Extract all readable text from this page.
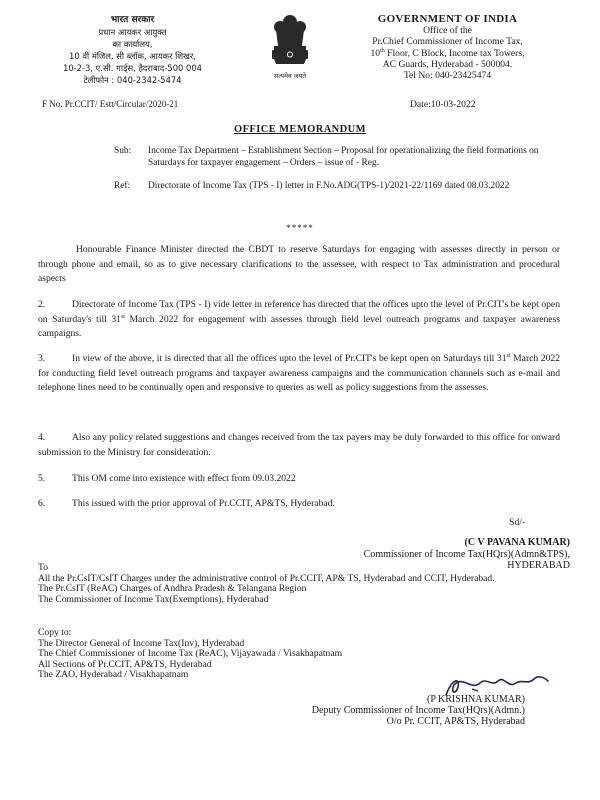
भारत सरकार
प्रधान आयकर आयुक्त
का कार्यालय,
10 वीं मंजिल, सी ब्लॉक, आयकर शिखर,
10-2-3, ए.सी. गार्ड्स, हैदराबाद-500 004
टेलीफोन : 040-2342-5474	सत्यमेव जयते
GOVERNMENT OF INDIA
Office of the
Pr.Chief Commissioner of Income Tax,
10th Floor, C Block, Income tax Towers,
AC Guards, Hyderabad - 500004.
Tel No: 040-23425474
F No. Pr.CCIT/ Estt/Circular/2020-21	Date:10-03-2022
OFFICE MEMORANDUM
Sub: Income Tax Department – Establishment Section – Proposal for operationalizing the field formations on Saturdays for taxpayer engagement – Orders – issue of - Reg.
Ref: Directorate of Income Tax (TPS - I) letter in F.No.ADG(TPS-1)/2021-22/1169 dated 08.03.2022
*****
Honourable Finance Minister directed the CBDT to reserve Saturdays for engaging with assesses directly in person or through phone and email, so as to give necessary clarifications to the assessee, with respect to Tax administration and procedural aspects
2.	Directorate of Income Tax (TPS - I) vide letter in reference has directed that the offices upto the level of Pr.CIT's be kept open on Saturday's till 31st March 2022 for engagement with assesses through field level outreach programs and taxpayer awareness campaigns.
3.	In view of the above, it is directed that all the offices upto the level of Pr.CIT's be kept open on Saturdays till 31st March 2022 for conducting field level outreach programs and taxpayer awareness campaigns and the communication channels such as e-mail and telephone lines need to be continually open and responsive to queries as well as policy suggestions from the assesses.
4.	Also any policy related suggestions and changes received from the tax payers may be duly forwarded to this office for onward submission to the Ministry for consideration.
5.	This OM come into existence with effect from 09.03.2022
6.	This issued with the prior approval of Pr.CCIT, AP&TS, Hyderabad.
Sd/-
(C V PAVANA KUMAR)
Commissioner of Income Tax(HQrs)(Admn&TPS),
HYDERABAD
To
All the Pr.CsIT/CsIT Charges under the administrative control of Pr.CCIT, AP& TS, Hyderabad and CCIT, Hyderabad.
The Pr.CsIT (ReAC) Charges of Andhra Pradesh & Telangana Region
The Commissioner of Income Tax(Exemptions), Hyderabad
Copy to:
The Director General of Income Tax(Inv), Hyderabad
The Chief Commissioner of Income Tax (ReAC), Vijayawada / Visakhapatnam
All Sections of Pr.CCIT, AP&TS, Hyderabad
The ZAO, Hyderabad / Visakhapatnam
(P KRISHNA KUMAR)
Deputy Commissioner of Income Tax(HQrs)(Admn.)
O/o Pr. CCIT, AP&TS, Hyderabad
